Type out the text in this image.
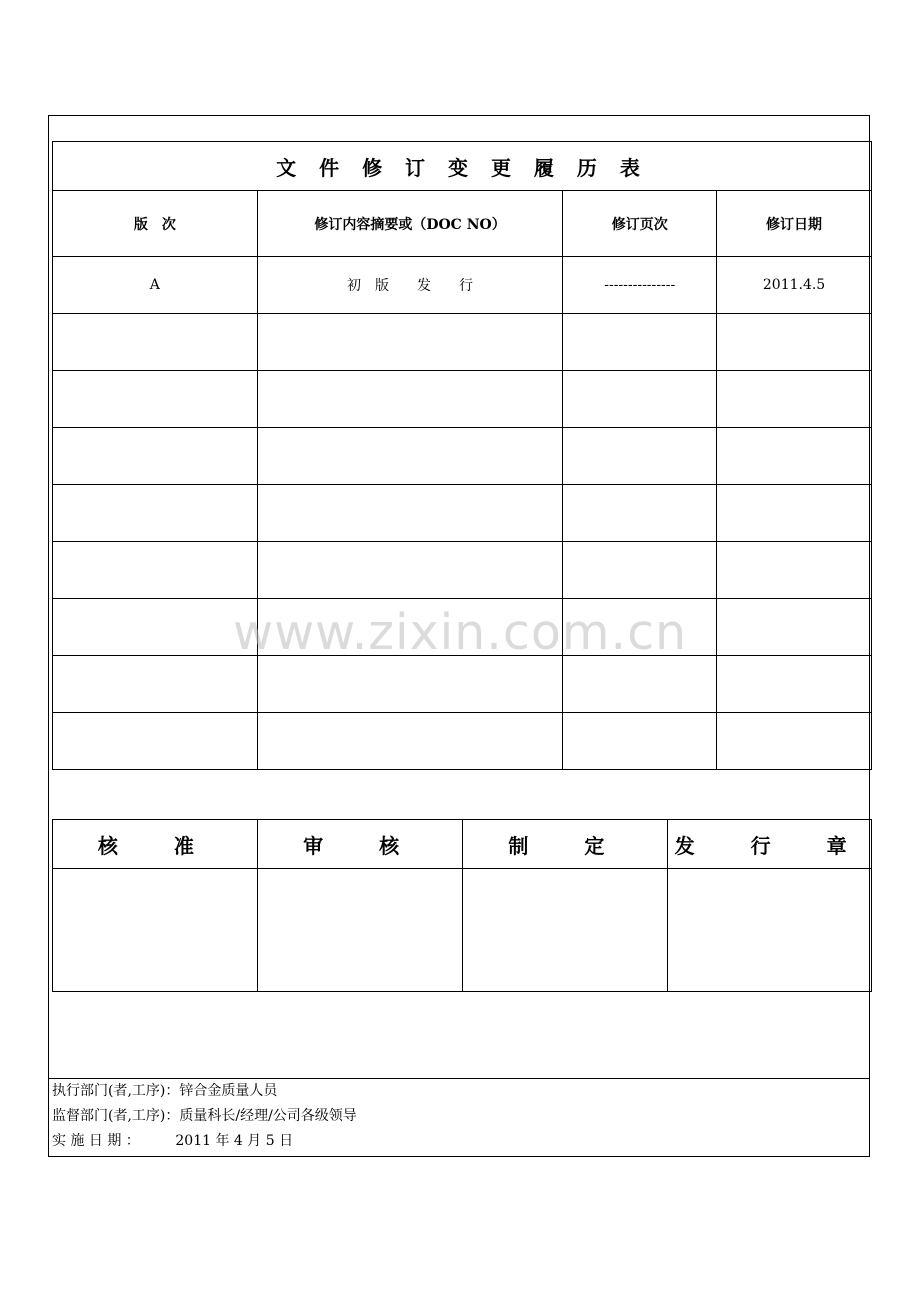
文 件 修 订 变 更 履 历 表			
版　次	修订内容摘要或（DOC NO）	修订页次	修订日期
A	初　版　　发　　行	---------------	2011.4.5

核　准	审　核	制　定	发　行　章

执行部门(者,工序)：锌合金质量人员
监督部门(者,工序)：质量科长/经理/公司各级领导
实 施 日 期 ：        2011 年 4 月 5 日
www.zixin.com.cn
